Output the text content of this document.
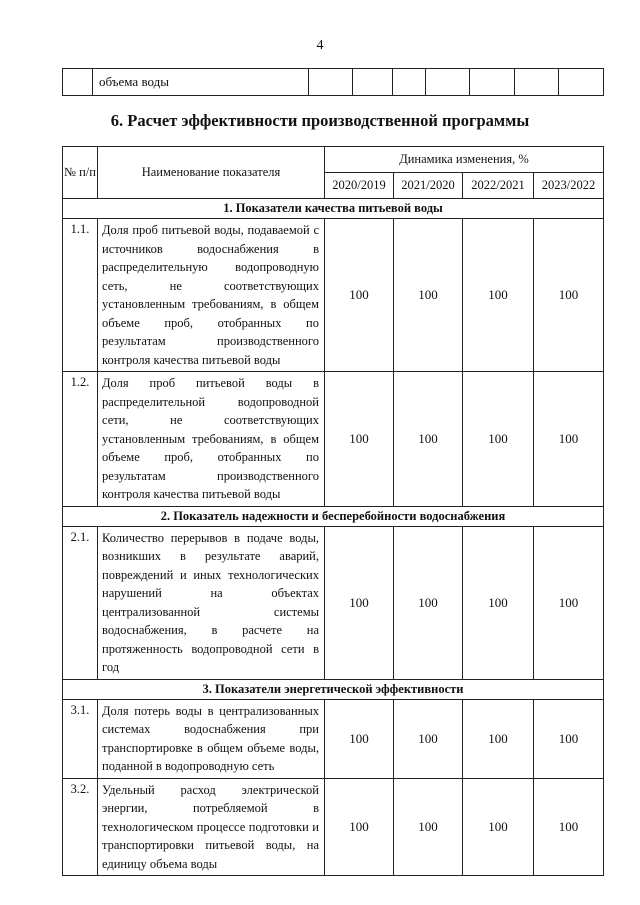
4
	объема воды							
6. Расчет эффективности производственной программы
№ п/п	Наименование показателя	Динамика изменения, %			
		2020/2019	2021/2020	2022/2021	2023/2022
1. Показатели качества питьевой воды					
1.1.	Доля проб питьевой воды, подаваемой с источников водоснабжения в распределительную водопроводную сеть, не соответствующих установленным требованиям, в общем объеме проб, отобранных по результатам производственного контроля качества питьевой воды	100	100	100	100
1.2.	Доля проб питьевой воды в распределительной водопроводной сети, не соответствующих установленным требованиям, в общем объеме проб, отобранных по результатам производственного контроля качества питьевой воды	100	100	100	100
2. Показатель надежности и бесперебойности водоснабжения					
2.1.	Количество перерывов в подаче воды, возникших в результате аварий, повреждений и иных технологических нарушений на объектах централизованной системы водоснабжения, в расчете на протяженность водопроводной сети в год	100	100	100	100
3. Показатели энергетической эффективности					
3.1.	Доля потерь воды в централизованных системах водоснабжения при транспортировке в общем объеме воды, поданной в водопроводную сеть	100	100	100	100
3.2.	Удельный расход электрической энергии, потребляемой в технологическом процессе подготовки и транспортировки питьевой воды, на единицу объема воды	100	100	100	100
